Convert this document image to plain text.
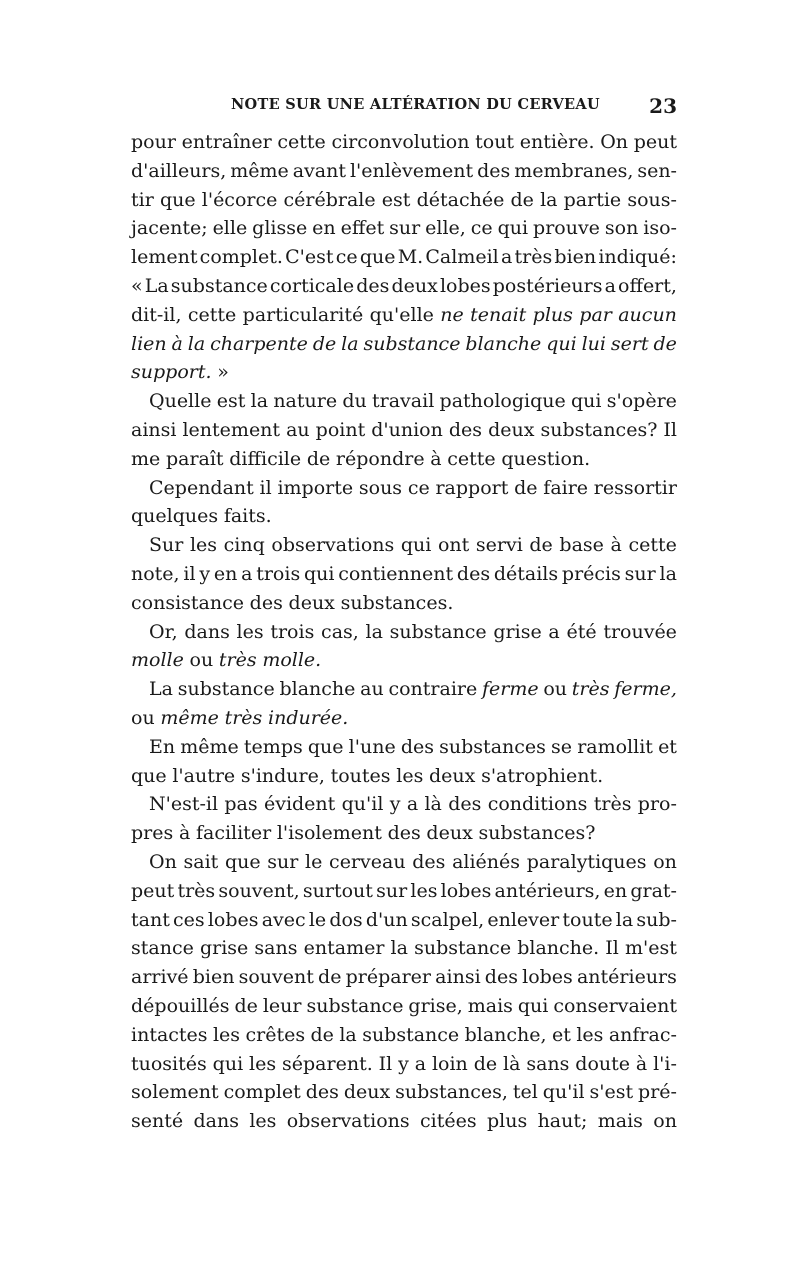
NOTE SUR UNE ALTÉRATION DU CERVEAU 23
pour entraîner cette circonvolution tout entière. On peut
d'ailleurs, même avant l'enlèvement des membranes, sen-
tir que l'écorce cérébrale est détachée de la partie sous-
jacente; elle glisse en effet sur elle, ce qui prouve son iso-
lement complet. C'est ce que M. Calmeil a très bien indiqué:
« La substance corticale des deux lobes postérieurs a offert,
dit-il, cette particularité qu'elle ne tenait plus par aucun
lien à la charpente de la substance blanche qui lui sert de
support. »
Quelle est la nature du travail pathologique qui s'opère
ainsi lentement au point d'union des deux substances? Il
me paraît difficile de répondre à cette question.
Cependant il importe sous ce rapport de faire ressortir
quelques faits.
Sur les cinq observations qui ont servi de base à cette
note, il y en a trois qui contiennent des détails précis sur la
consistance des deux substances.
Or, dans les trois cas, la substance grise a été trouvée
molle ou très molle.
La substance blanche au contraire ferme ou très ferme,
ou même très indurée.
En même temps que l'une des substances se ramollit et
que l'autre s'indure, toutes les deux s'atrophient.
N'est-il pas évident qu'il y a là des conditions très pro-
pres à faciliter l'isolement des deux substances?
On sait que sur le cerveau des aliénés paralytiques on
peut très souvent, surtout sur les lobes antérieurs, en grat-
tant ces lobes avec le dos d'un scalpel, enlever toute la sub-
stance grise sans entamer la substance blanche. Il m'est
arrivé bien souvent de préparer ainsi des lobes antérieurs
dépouillés de leur substance grise, mais qui conservaient
intactes les crêtes de la substance blanche, et les anfrac-
tuosités qui les séparent. Il y a loin de là sans doute à l'i-
solement complet des deux substances, tel qu'il s'est pré-
senté dans les observations citées plus haut; mais on
